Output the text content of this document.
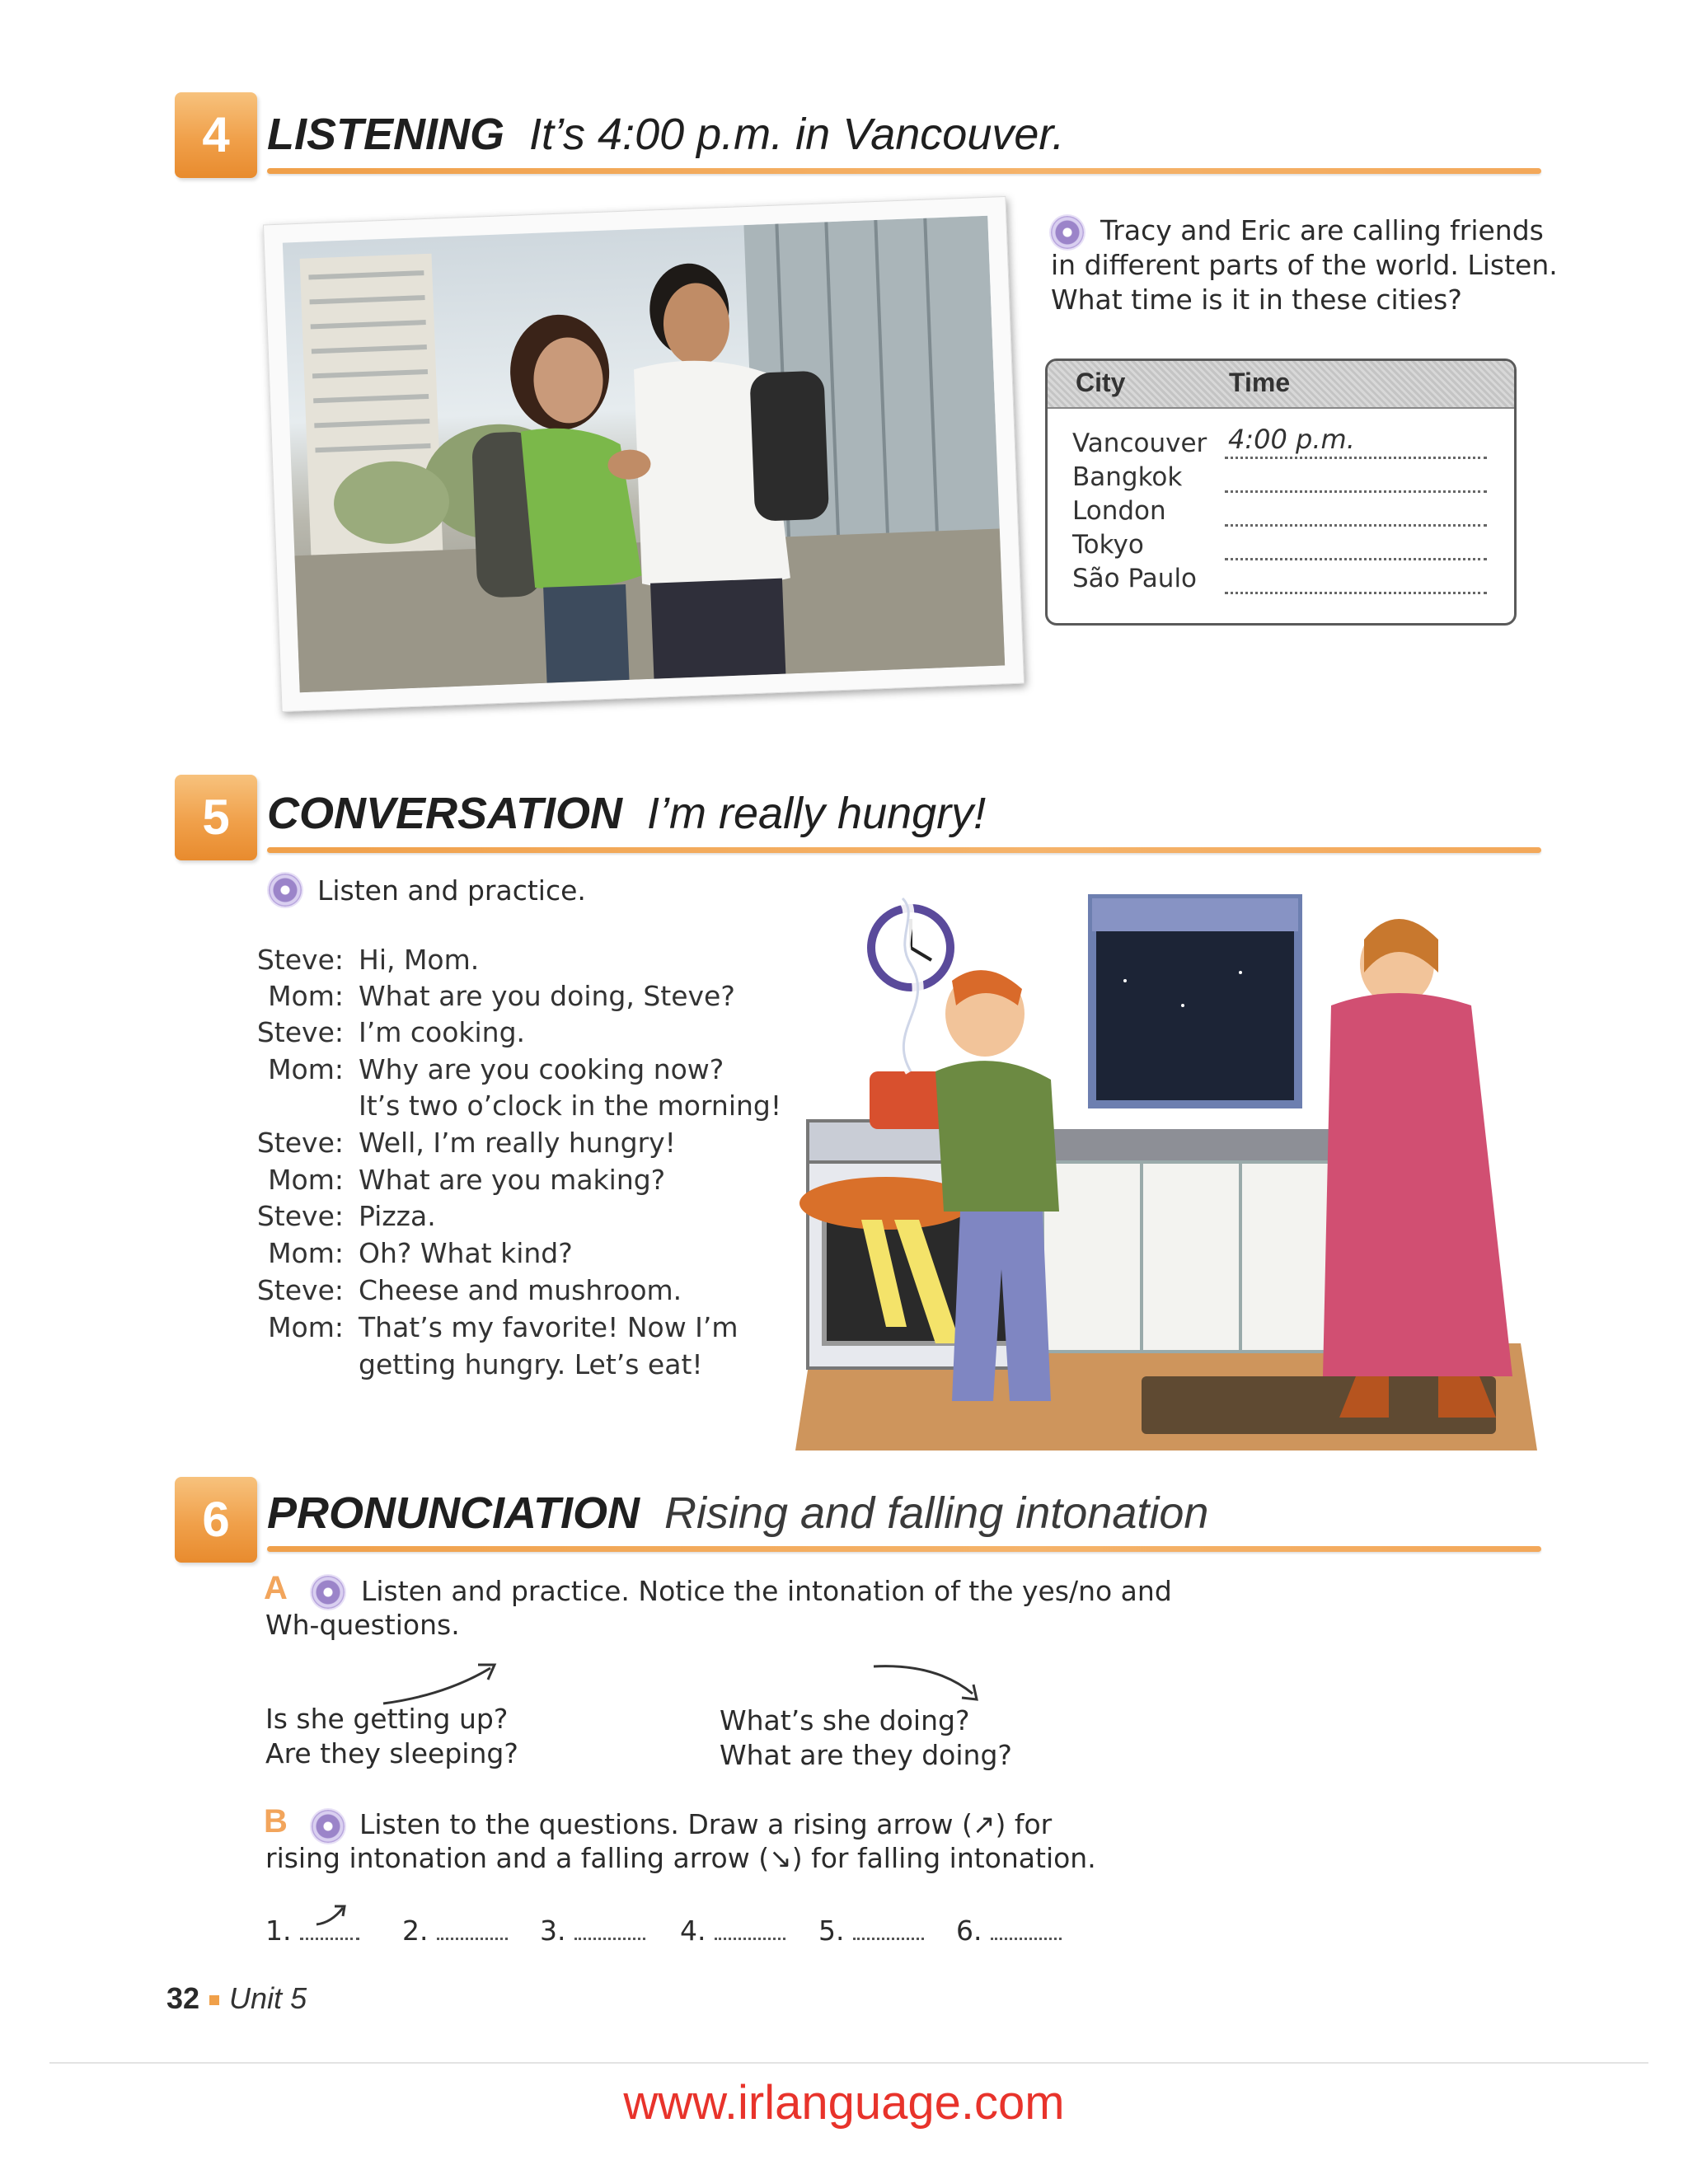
4 LISTENING It’s 4:00 p.m. in Vancouver.
Tracy and Eric are calling friends
in different parts of the world. Listen.
What time is it in these cities?
City	Time
Vancouver 4:00 p.m.
Bangkok
London
Tokyo
São Paulo
5 CONVERSATION I’m really hungry!
Listen and practice.
Steve: Hi, Mom.
Mom: What are you doing, Steve?
Steve: I’m cooking.
Mom: Why are you cooking now?
It’s two o’clock in the morning!
Steve: Well, I’m really hungry!
Mom: What are you making?
Steve: Pizza.
Mom: Oh? What kind?
Steve: Cheese and mushroom.
Mom: That’s my favorite! Now I’m
getting hungry. Let’s eat!
6 PRONUNCIATION Rising and falling intonation
A	Listen and practice. Notice the intonation of the yes/no and
Wh-questions.
Is she getting up?
Are they sleeping?
What’s she doing?
What are they doing?
B	Listen to the questions. Draw a rising arrow (↗) for
rising intonation and a falling arrow (↘) for falling intonation.
1.	2.	3.	4.	5.	6.
32 Unit 5
www.irlanguage.com
